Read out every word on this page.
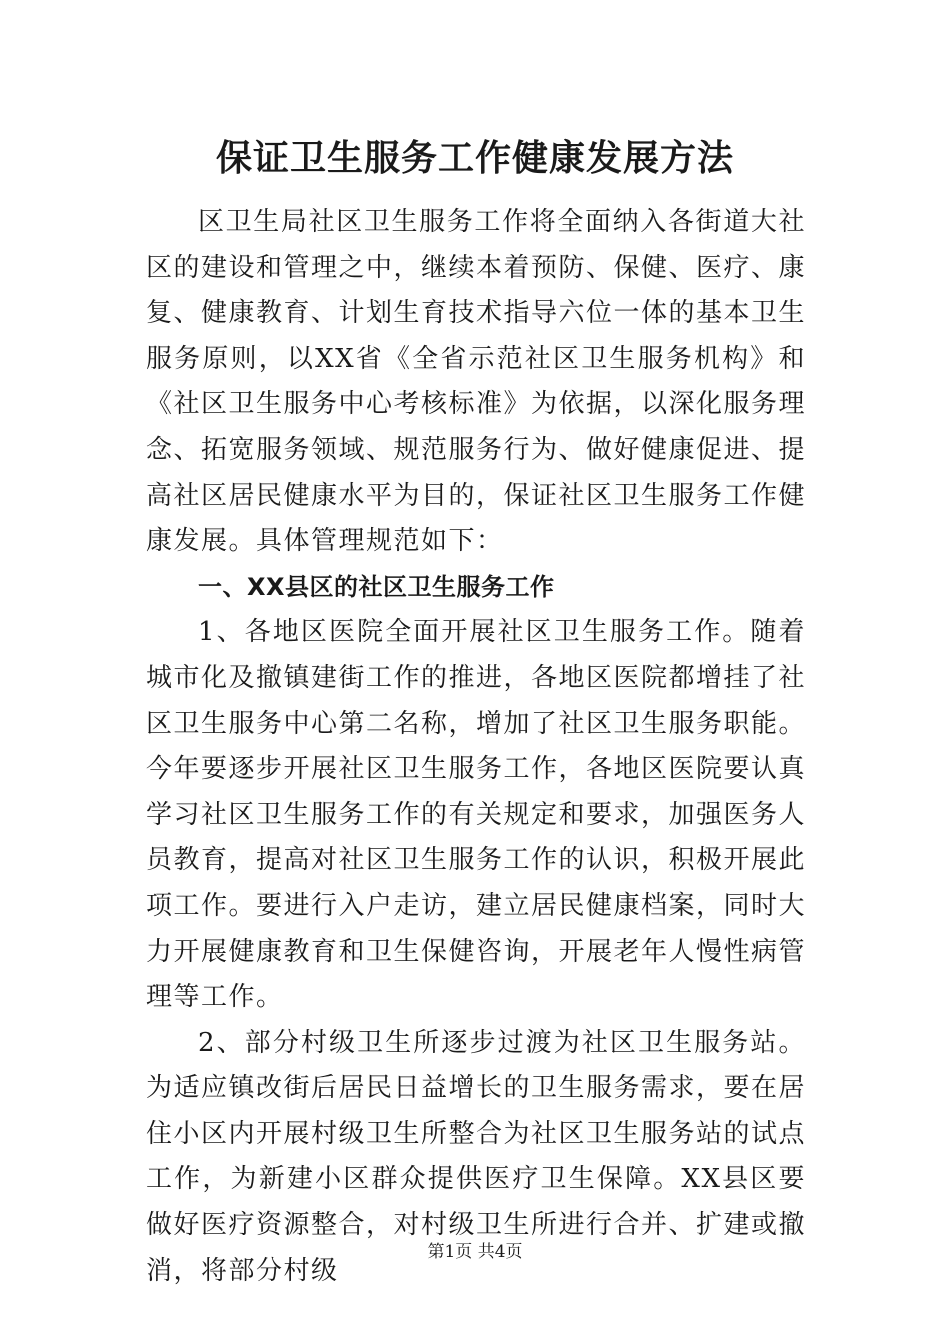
保证卫生服务工作健康发展方法

区卫生局社区卫生服务工作将全面纳入各街道大社区的建设和管理之中，继续本着预防、保健、医疗、康复、健康教育、计划生育技术指导六位一体的基本卫生服务原则，以XX省《全省示范社区卫生服务机构》和《社区卫生服务中心考核标准》为依据，以深化服务理念、拓宽服务领域、规范服务行为、做好健康促进、提高社区居民健康水平为目的，保证社区卫生服务工作健康发展。具体管理规范如下：

一、XX县区的社区卫生服务工作

1、各地区医院全面开展社区卫生服务工作。随着城市化及撤镇建街工作的推进，各地区医院都增挂了社区卫生服务中心第二名称，增加了社区卫生服务职能。今年要逐步开展社区卫生服务工作，各地区医院要认真学习社区卫生服务工作的有关规定和要求，加强医务人员教育，提高对社区卫生服务工作的认识，积极开展此项工作。要进行入户走访，建立居民健康档案，同时大力开展健康教育和卫生保健咨询，开展老年人慢性病管理等工作。

2、部分村级卫生所逐步过渡为社区卫生服务站。为适应镇改街后居民日益增长的卫生服务需求，要在居住小区内开展村级卫生所整合为社区卫生服务站的试点工作，为新建小区群众提供医疗卫生保障。XX县区要做好医疗资源整合，对村级卫生所进行合并、扩建或撤消，将部分村级

第1页 共4页
